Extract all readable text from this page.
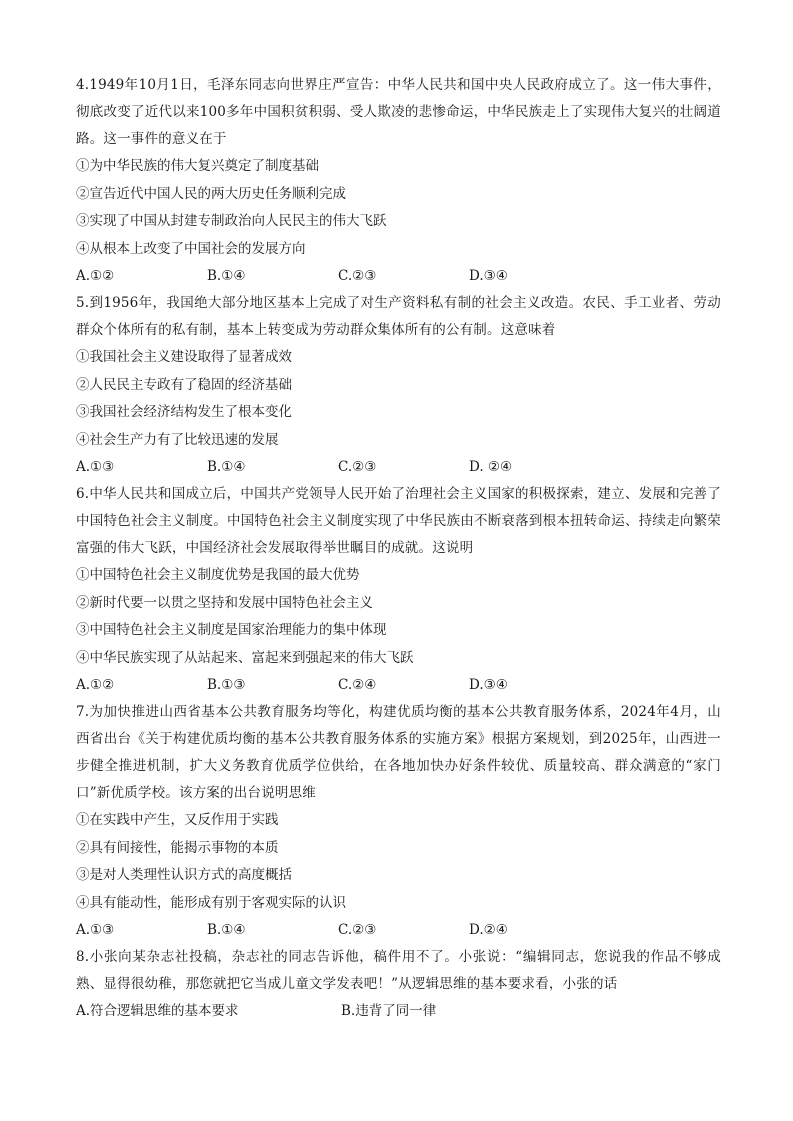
4.1949年10月1日，毛泽东同志向世界庄严宣告：中华人民共和国中央人民政府成立了。这一伟大事件，彻底改变了近代以来100多年中国积贫积弱、受人欺凌的悲惨命运，中华民族走上了实现伟大复兴的壮阔道路。这一事件的意义在于

①为中华民族的伟大复兴奠定了制度基础

②宣告近代中国人民的两大历史任务顺利完成

③实现了中国从封建专制政治向人民民主的伟大飞跃

④从根本上改变了中国社会的发展方向

A.①②	B.①④	C.②③	D.③④

5.到1956年，我国绝大部分地区基本上完成了对生产资料私有制的社会主义改造。农民、手工业者、劳动群众个体所有的私有制，基本上转变成为劳动群众集体所有的公有制。这意味着

①我国社会主义建设取得了显著成效

②人民民主专政有了稳固的经济基础

③我国社会经济结构发生了根本变化

④社会生产力有了比较迅速的发展

A.①③	B.①④	C.②③	D. ②④

6.中华人民共和国成立后，中国共产党领导人民开始了治理社会主义国家的积极探索，建立、发展和完善了中国特色社会主义制度。中国特色社会主义制度实现了中华民族由不断衰落到根本扭转命运、持续走向繁荣富强的伟大飞跃，中国经济社会发展取得举世瞩目的成就。这说明

①中国特色社会主义制度优势是我国的最大优势

②新时代要一以贯之坚持和发展中国特色社会主义

③中国特色社会主义制度是国家治理能力的集中体现

④中华民族实现了从站起来、富起来到强起来的伟大飞跃

A.①②	B.①③	C.②④	D.③④

7.为加快推进山西省基本公共教育服务均等化，构建优质均衡的基本公共教育服务体系，2024年4月，山西省出台《关于构建优质均衡的基本公共教育服务体系的实施方案》根据方案规划，到2025年，山西进一步健全推进机制，扩大义务教育优质学位供给，在各地加快办好条件较优、质量较高、群众满意的“家门口”新优质学校。该方案的出台说明思维

①在实践中产生，又反作用于实践

②具有间接性，能揭示事物的本质

③是对人类理性认识方式的高度概括

④具有能动性，能形成有别于客观实际的认识

A.①③	B.①④	C.②③	D.②④

8.小张向某杂志社投稿，杂志社的同志告诉他，稿件用不了。小张说：“编辑同志，您说我的作品不够成熟、显得很幼稚，那您就把它当成儿童文学发表吧！”从逻辑思维的基本要求看，小张的话

A.符合逻辑思维的基本要求	B.违背了同一律
